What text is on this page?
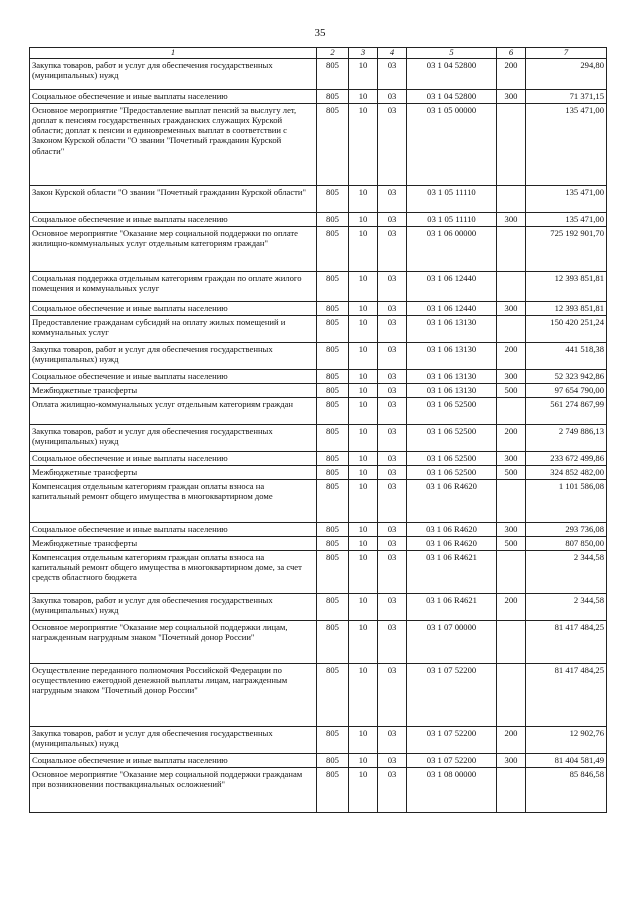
35
1	2	3	4	5	6	7
Закупка товаров, работ и услуг для обеспечения государственных (муниципальных) нужд	805	10	03	03 1 04 52800	200	294,80
Социальное обеспечение и иные выплаты населению	805	10	03	03 1 04 52800	300	71 371,15
Основное мероприятие "Предоставление выплат пенсий за выслугу лет, доплат к пенсиям государственных гражданских служащих Курской области; доплат к пенсии и единовременных выплат в соответствии с Законом Курской области "О звании "Почетный гражданин Курской области"	805	10	03	03 1 05 00000		135 471,00
Закон Курской области "О звании "Почетный гражданин Курской области"	805	10	03	03 1 05 11110		135 471,00
Социальное обеспечение и иные выплаты населению	805	10	03	03 1 05 11110	300	135 471,00
Основное мероприятие "Оказание мер социальной поддержки по оплате жилищно-коммунальных услуг отдельным категориям граждан"	805	10	03	03 1 06 00000		725 192 901,70
Социальная поддержка отдельным категориям граждан по оплате жилого помещения и коммунальных услуг	805	10	03	03 1 06 12440		12 393 851,81
Социальное обеспечение и иные выплаты населению	805	10	03	03 1 06 12440	300	12 393 851,81
Предоставление гражданам субсидий на оплату жилых помещений и коммунальных услуг	805	10	03	03 1 06 13130		150 420 251,24
Закупка товаров, работ и услуг для обеспечения государственных (муниципальных) нужд	805	10	03	03 1 06 13130	200	441 518,38
Социальное обеспечение и иные выплаты населению	805	10	03	03 1 06 13130	300	52 323 942,86
Межбюджетные трансферты	805	10	03	03 1 06 13130	500	97 654 790,00
Оплата жилищно-коммунальных услуг отдельным категориям граждан	805	10	03	03 1 06 52500		561 274 867,99
Закупка товаров, работ и услуг для обеспечения государственных (муниципальных) нужд	805	10	03	03 1 06 52500	200	2 749 886,13
Социальное обеспечение и иные выплаты населению	805	10	03	03 1 06 52500	300	233 672 499,86
Межбюджетные трансферты	805	10	03	03 1 06 52500	500	324 852 482,00
Компенсация отдельным категориям граждан оплаты взноса на капитальный ремонт общего имущества в многоквартирном доме	805	10	03	03 1 06 R4620		1 101 586,08
Социальное обеспечение и иные выплаты населению	805	10	03	03 1 06 R4620	300	293 736,08
Межбюджетные трансферты	805	10	03	03 1 06 R4620	500	807 850,00
Компенсация отдельным категориям граждан оплаты взноса на капитальный ремонт общего имущества в многоквартирном доме, за счет средств областного бюджета	805	10	03	03 1 06 R4621		2 344,58
Закупка товаров, работ и услуг для обеспечения государственных (муниципальных) нужд	805	10	03	03 1 06 R4621	200	2 344,58
Основное мероприятие "Оказание мер социальной поддержки лицам, награжденным нагрудным знаком "Почетный донор России"	805	10	03	03 1 07 00000		81 417 484,25
Осуществление переданного полномочия Российской Федерации по осуществлению ежегодной денежной выплаты лицам, награжденным нагрудным знаком "Почетный донор России"	805	10	03	03 1 07 52200		81 417 484,25
Закупка товаров, работ и услуг для обеспечения государственных (муниципальных) нужд	805	10	03	03 1 07 52200	200	12 902,76
Социальное обеспечение и иные выплаты населению	805	10	03	03 1 07 52200	300	81 404 581,49
Основное мероприятие "Оказание мер социальной поддержки гражданам при возникновении поствакцинальных осложнений"	805	10	03	03 1 08 00000		85 846,58
